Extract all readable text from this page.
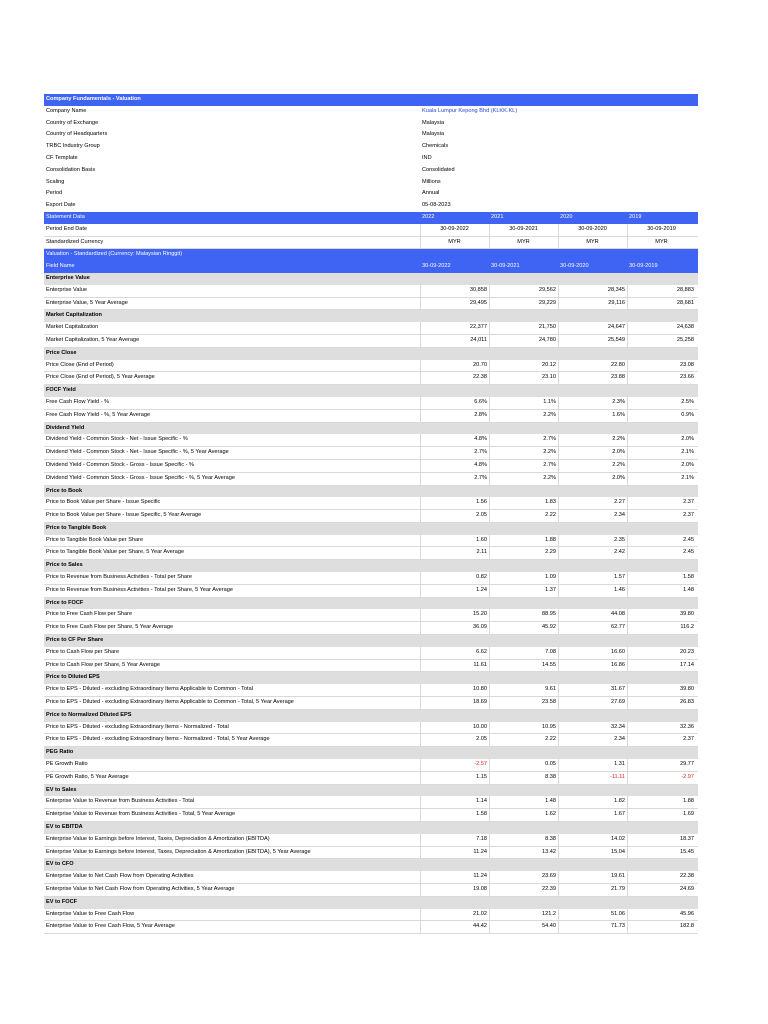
Company Fundamentals - Valuation
Company Name	Kuala Lumpur Kepong Bhd (KLKK.KL)
Country of Exchange	Malaysia
Country of Headquarters	Malaysia
TRBC Industry Group	Chemicals
CF Template	IND
Consolidation Basis	Consolidated
Scaling	Millions
Period	Annual
Export Date	05-08-2023
Statement Data	2022	2021	2020	2019
Period End Date	30-09-2022	30-09-2021	30-09-2020	30-09-2019
Standardized Currency	MYR	MYR	MYR	MYR
Valuation - Standardized (Currency: Malaysian Ringgit)
Field Name	30-09-2022	30-09-2021	30-09-2020	30-09-2019
Enterprise Value
Enterprise Value	30,858	29,562	28,345	28,883
Enterprise Value, 5 Year Average	29,495	29,229	29,116	28,681
Market Capitalization
Market Capitalization	22,377	21,750	24,647	24,638
Market Capitalization, 5 Year Average	24,011	24,780	25,549	25,258
Price Close
Price Close (End of Period)	20.70	20.12	22.80	23.08
Price Close (End of Period), 5 Year Average	22.38	23.10	23.88	23.66
FOCF Yield
Free Cash Flow Yield - %	6.6%	1.1%	2.3%	2.5%
Free Cash Flow Yield - %, 5 Year Average	2.8%	2.2%	1.6%	0.9%
Dividend Yield
Dividend Yield - Common Stock - Net - Issue Specific - %	4.8%	2.7%	2.2%	2.0%
Dividend Yield - Common Stock - Net - Issue Specific - %, 5 Year Average	2.7%	2.2%	2.0%	2.1%
Dividend Yield - Common Stock - Gross - Issue Specific - %	4.8%	2.7%	2.2%	2.0%
Dividend Yield - Common Stock - Gross - Issue Specific - %, 5 Year Average	2.7%	2.2%	2.0%	2.1%
Price to Book
Price to Book Value per Share - Issue Specific	1.56	1.83	2.27	2.37
Price to Book Value per Share - Issue Specific, 5 Year Average	2.05	2.22	2.34	2.37
Price to Tangible Book
Price to Tangible Book Value per Share	1.60	1.88	2.35	2.45
Price to Tangible Book Value per Share, 5 Year Average	2.11	2.29	2.42	2.45
Price to Sales
Price to Revenue from Business Activities - Total per Share	0.82	1.09	1.57	1.58
Price to Revenue from Business Activities - Total per Share, 5 Year Average	1.24	1.37	1.46	1.48
Price to FOCF
Price to Free Cash Flow per Share	15.20	88.95	44.08	39.80
Price to Free Cash Flow per Share, 5 Year Average	36.09	45.92	62.77	116.2
Price to CF Per Share
Price to Cash Flow per Share	6.62	7.08	16.60	20.23
Price to Cash Flow per Share, 5 Year Average	11.61	14.55	16.86	17.14
Price to Diluted EPS
Price to EPS - Diluted - excluding Extraordinary Items Applicable to Common - Total	10.80	9.61	31.67	39.80
Price to EPS - Diluted - excluding Extraordinary Items Applicable to Common - Total, 5 Year Average	18.69	23.58	27.69	26.83
Price to Normalized Diluted EPS
Price to EPS - Diluted - excluding Extraordinary Items - Normalized - Total	10.00	10.95	32.34	32.36
Price to EPS - Diluted - excluding Extraordinary Items - Normalized - Total, 5 Year Average	2.05	2.22	2.34	2.37
PEG Ratio
PE Growth Ratio	-2.57	0.05	1.31	29.77
PE Growth Ratio, 5 Year Average	1.15	8.38	-11.11	-2.97
EV to Sales
Enterprise Value to Revenue from Business Activities - Total	1.14	1.48	1.82	1.88
Enterprise Value to Revenue from Business Activities - Total, 5 Year Average	1.58	1.62	1.67	1.69
EV to EBITDA
Enterprise Value to Earnings before Interest, Taxes, Depreciation & Amortization (EBITDA)	7.18	8.38	14.02	18.37
Enterprise Value to Earnings before Interest, Taxes, Depreciation & Amortization (EBITDA), 5 Year Average	11.24	13.42	15.04	15.45
EV to CFO
Enterprise Value to Net Cash Flow from Operating Activities	11.24	23.69	19.61	22.38
Enterprise Value to Net Cash Flow from Operating Activities, 5 Year Average	19.08	22.39	21.79	24.69
EV to FOCF
Enterprise Value to Free Cash Flow	21.02	121.2	51.06	45.96
Enterprise Value to Free Cash Flow, 5 Year Average	44.42	54.40	71.73	182.8
